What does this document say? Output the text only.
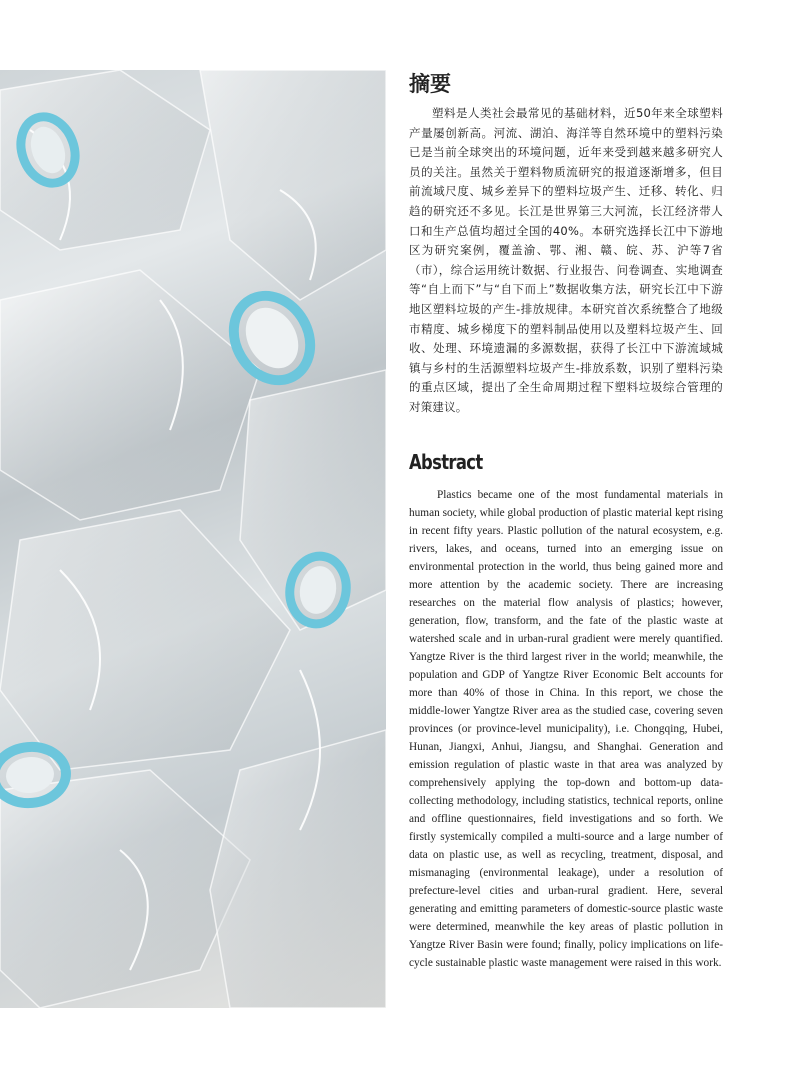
摘要

塑料是人类社会最常见的基础材料，近50年来全球塑料产量屡创新高。河流、湖泊、海洋等自然环境中的塑料污染已是当前全球突出的环境问题，近年来受到越来越多研究人员的关注。虽然关于塑料物质流研究的报道逐渐增多，但目前流域尺度、城乡差异下的塑料垃圾产生、迁移、转化、归趋的研究还不多见。长江是世界第三大河流，长江经济带人口和生产总值均超过全国的40%。本研究选择长江中下游地区为研究案例，覆盖渝、鄂、湘、赣、皖、苏、沪等7省（市），综合运用统计数据、行业报告、问卷调查、实地调查等“自上而下”与“自下而上”数据收集方法，研究长江中下游地区塑料垃圾的产生-排放规律。本研究首次系统整合了地级市精度、城乡梯度下的塑料制品使用以及塑料垃圾产生、回收、处理、环境遗漏的多源数据，获得了长江中下游流域城镇与乡村的生活源塑料垃圾产生-排放系数，识别了塑料污染的重点区域，提出了全生命周期过程下塑料垃圾综合管理的对策建议。

Abstract

Plastics became one of the most fundamental materials in human society, while global production of plastic material kept rising in recent fifty years. Plastic pollution of the natural ecosystem, e.g. rivers, lakes, and oceans, turned into an emerging issue on environmental protection in the world, thus being gained more and more attention by the academic society. There are increasing researches on the material flow analysis of plastics; however, generation, flow, transform, and the fate of the plastic waste at watershed scale and in urban-rural gradient were merely quantified. Yangtze River is the third largest river in the world; meanwhile, the population and GDP of Yangtze River Economic Belt accounts for more than 40% of those in China. In this report, we chose the middle-lower Yangtze River area as the studied case, covering seven provinces (or province-level municipality), i.e. Chongqing, Hubei, Hunan, Jiangxi, Anhui, Jiangsu, and Shanghai. Generation and emission regulation of plastic waste in that area was analyzed by comprehensively applying the top-down and bottom-up data-collecting methodology, including statistics, technical reports, online and offline questionnaires, field investigations and so forth. We firstly systemically compiled a multi-source and a large number of data on plastic use, as well as recycling, treatment, disposal, and mismanaging (environmental leakage), under a resolution of prefecture-level cities and urban-rural gradient. Here, several generating and emitting parameters of domestic-source plastic waste were determined, meanwhile the key areas of plastic pollution in Yangtze River Basin were found; finally, policy implications on life-cycle sustainable plastic waste management were raised in this work.
